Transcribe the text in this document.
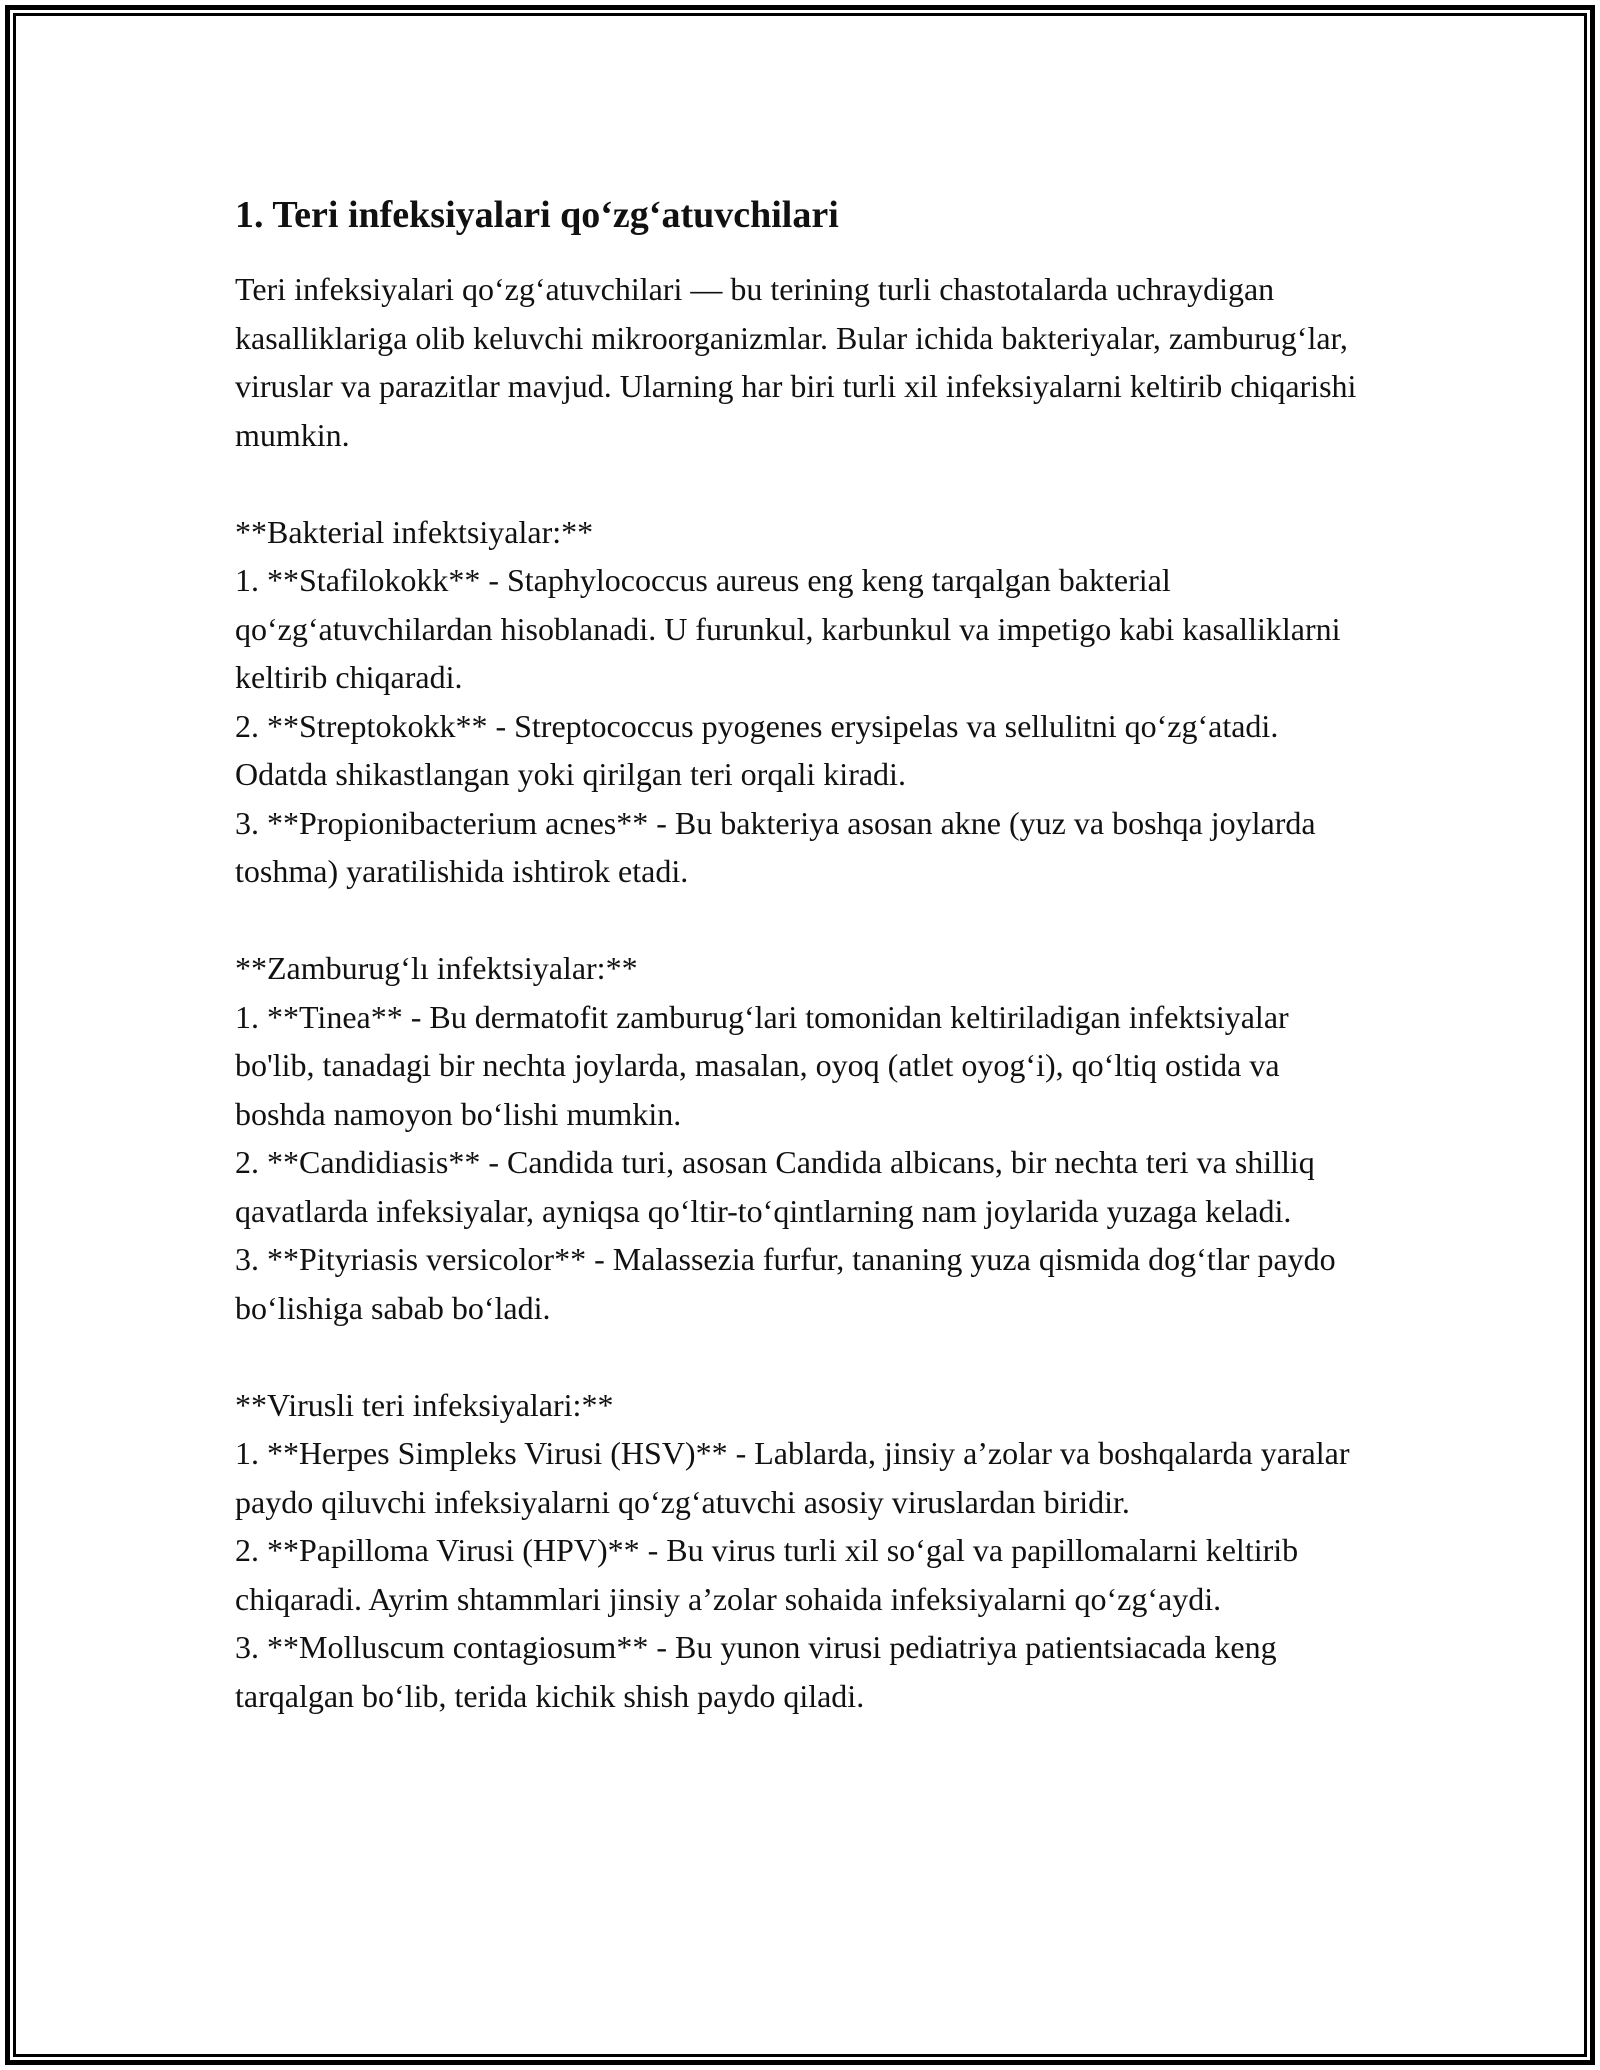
1. Teri infeksiyalari qo‘zg‘atuvchilari

Teri infeksiyalari qo‘zg‘atuvchilari — bu terining turli chastotalarda uchraydigan kasalliklariga olib keluvchi mikroorganizmlar. Bular ichida bakteriyalar, zamburug‘lar, viruslar va parazitlar mavjud. Ularning har biri turli xil infeksiyalarni keltirib chiqarishi mumkin.

**Bakterial infektsiyalar:**

1. **Stafilokokk** - Staphylococcus aureus eng keng tarqalgan bakterial qo‘zg‘atuvchilardan hisoblanadi. U furunkul, karbunkul va impetigo kabi kasalliklarni keltirib chiqaradi.

2. **Streptokokk** - Streptococcus pyogenes erysipelas va sellulitni qo‘zg‘atadi. Odatda shikastlangan yoki qirilgan teri orqali kiradi.

3. **Propionibacterium acnes** - Bu bakteriya asosan akne (yuz va boshqa joylarda toshma) yaratilishida ishtirok etadi.

**Zamburug‘lı infektsiyalar:**

1. **Tinea** - Bu dermatofit zamburug‘lari tomonidan keltiriladigan infektsiyalar bo'lib, tanadagi bir nechta joylarda, masalan, oyoq (atlet oyog‘i), qo‘ltiq ostida va boshda namoyon bo‘lishi mumkin.

2. **Candidiasis** - Candida turi, asosan Candida albicans, bir nechta teri va shilliq qavatlarda infeksiyalar, ayniqsa qo‘ltir-to‘qintlarning nam joylarida yuzaga keladi.

3. **Pityriasis versicolor** - Malassezia furfur, tananing yuza qismida dog‘tlar paydo bo‘lishiga sabab bo‘ladi.

**Virusli teri infeksiyalari:**

1. **Herpes Simpleks Virusi (HSV)** - Lablarda, jinsiy a’zolar va boshqalarda yaralar paydo qiluvchi infeksiyalarni qo‘zg‘atuvchi asosiy viruslardan biridir.

2. **Papilloma Virusi (HPV)** - Bu virus turli xil so‘gal va papillomalarni keltirib chiqaradi. Ayrim shtammlari jinsiy a’zolar sohaida infeksiyalarni qo‘zg‘aydi.

3. **Molluscum contagiosum** - Bu yunon virusi pediatriya patientsiacada keng tarqalgan bo‘lib, terida kichik shish paydo qiladi.
